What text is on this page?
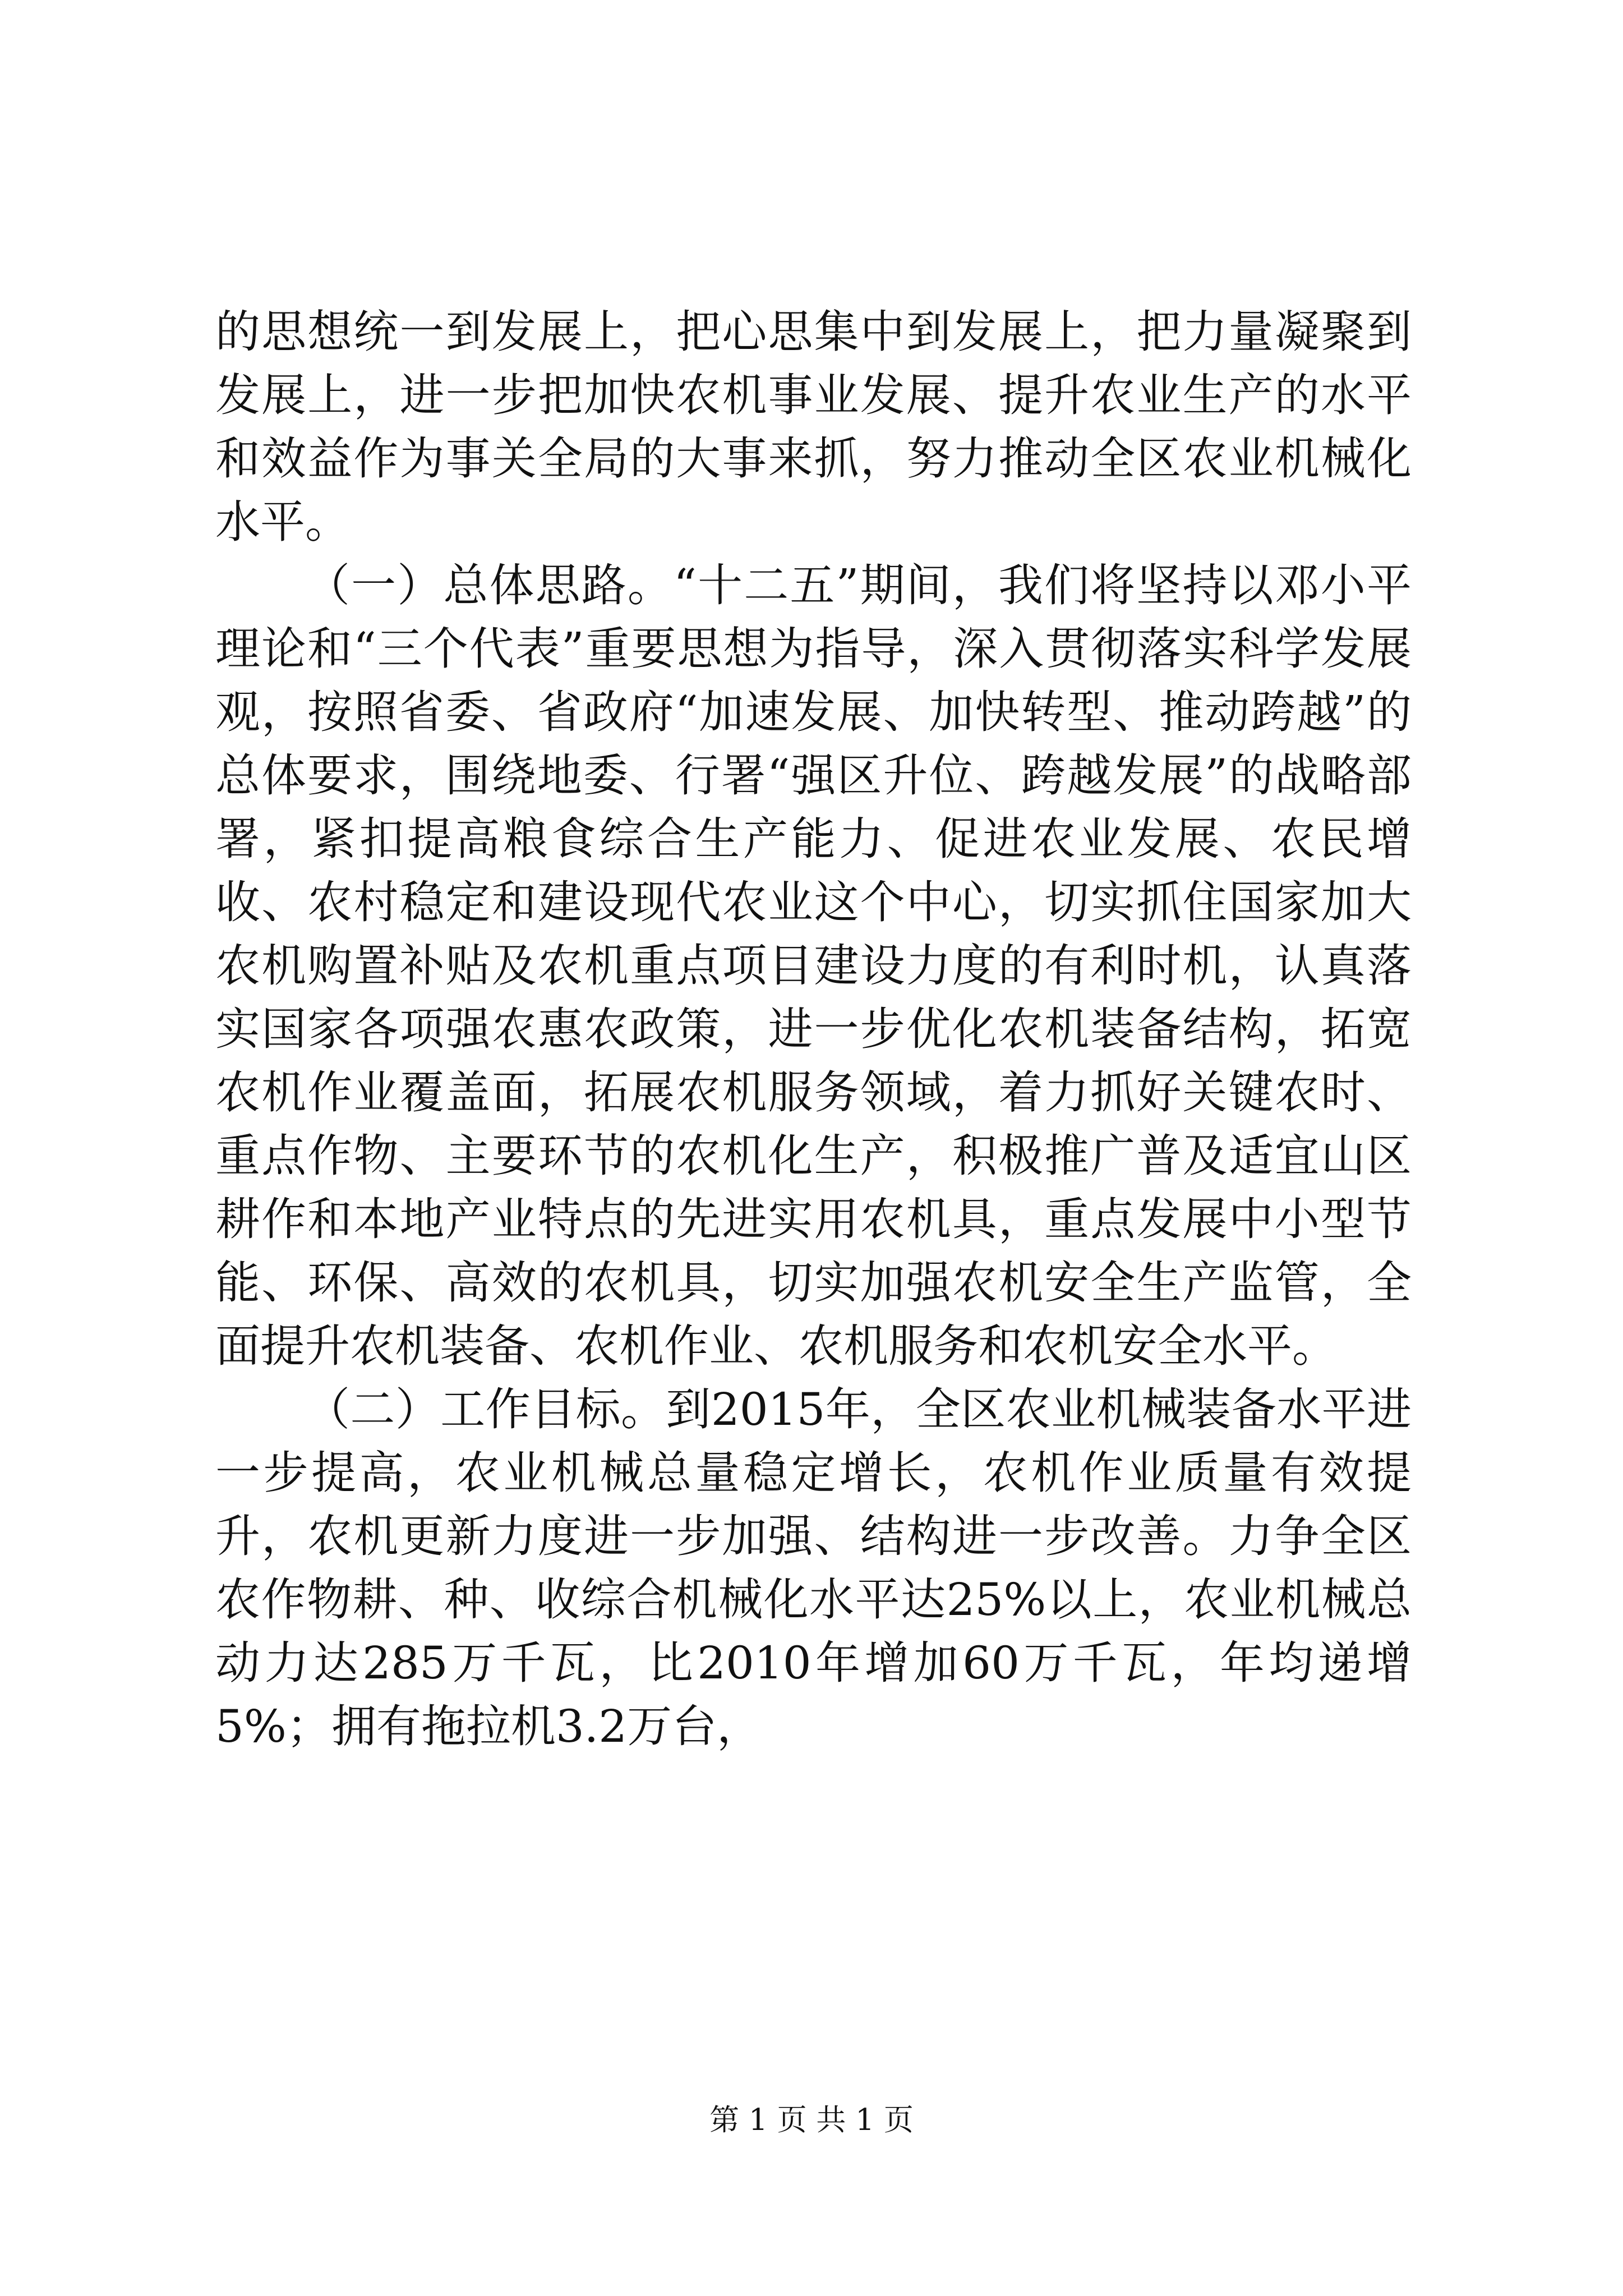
的思想统一到发展上，把心思集中到发展上，把力量凝聚到发展上，进一步把加快农机事业发展、提升农业生产的水平和效益作为事关全局的大事来抓，努力推动全区农业机械化水平。

（一）总体思路。“十二五”期间，我们将坚持以邓小平理论和“三个代表”重要思想为指导，深入贯彻落实科学发展观，按照省委、省政府“加速发展、加快转型、推动跨越”的总体要求，围绕地委、行署“强区升位、跨越发展”的战略部署，紧扣提高粮食综合生产能力、促进农业发展、农民增收、农村稳定和建设现代农业这个中心，切实抓住国家加大农机购置补贴及农机重点项目建设力度的有利时机，认真落实国家各项强农惠农政策，进一步优化农机装备结构，拓宽农机作业覆盖面，拓展农机服务领域，着力抓好关键农时、重点作物、主要环节的农机化生产，积极推广普及适宜山区耕作和本地产业特点的先进实用农机具，重点发展中小型节能、环保、高效的农机具，切实加强农机安全生产监管，全面提升农机装备、农机作业、农机服务和农机安全水平。

（二）工作目标。到2015年，全区农业机械装备水平进一步提高，农业机械总量稳定增长，农机作业质量有效提升，农机更新力度进一步加强、结构进一步改善。力争全区农作物耕、种、收综合机械化水平达25%以上，农业机械总动力达285万千瓦，比2010年增加60万千瓦，年均递增5%；拥有拖拉机3.2万台，

第 1 页 共 1 页
